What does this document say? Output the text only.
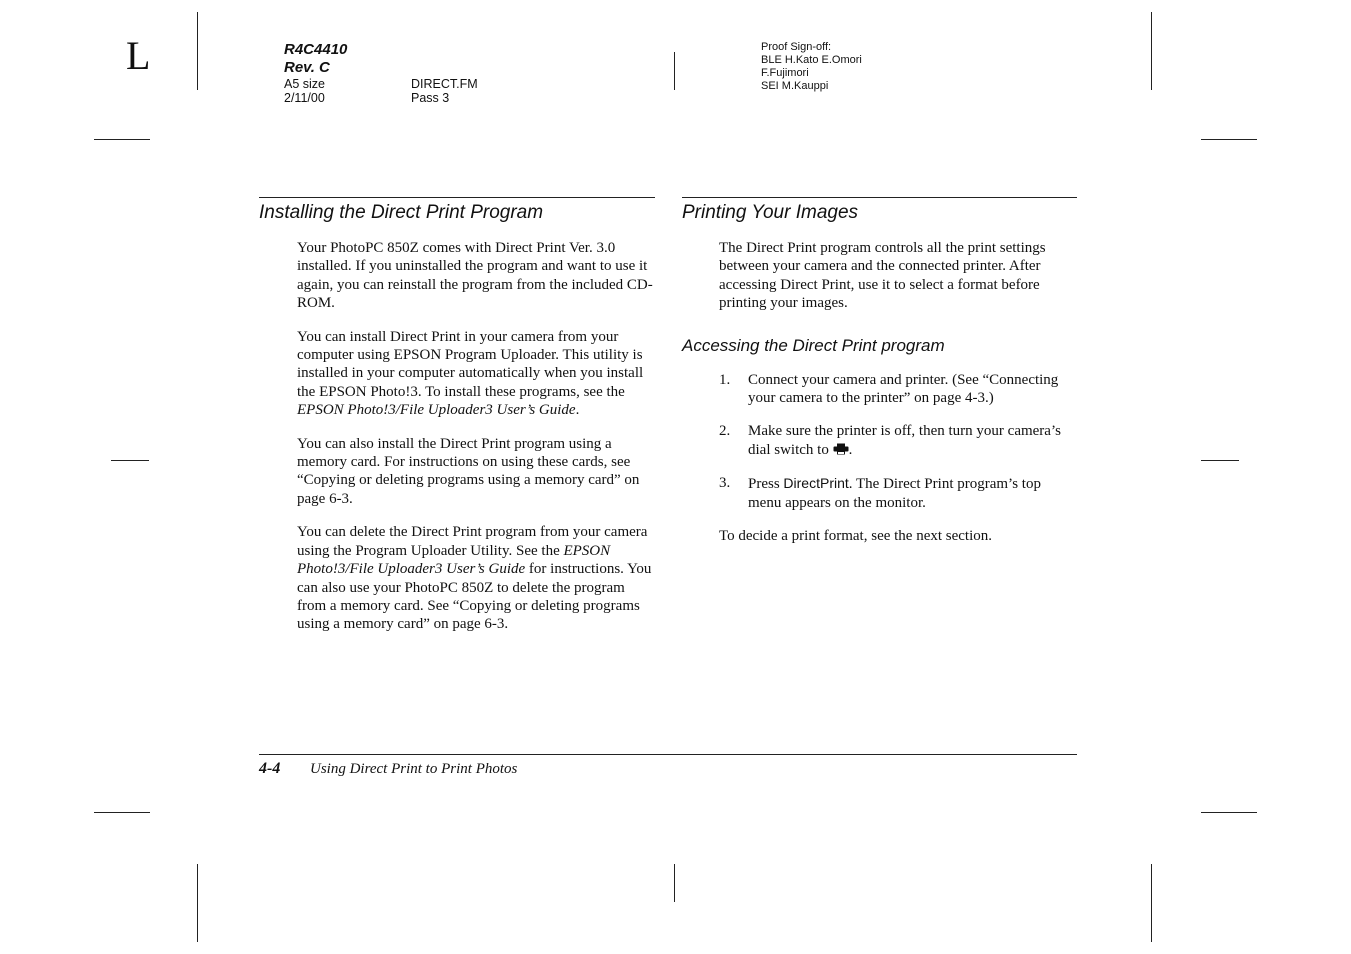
L	R4C4410
Rev. C
A5 size	DIRECT.FM
2/11/00	Pass 3
Proof Sign-off:
BLE H.Kato E.Omori
F.Fujimori
SEI M.Kauppi
Installing the Direct Print Program

Your PhotoPC 850Z comes with Direct Print Ver. 3.0 installed. If you uninstalled the program and want to use it again, you can reinstall the program from the included CD-ROM.

You can install Direct Print in your camera from your computer using EPSON Program Uploader. This utility is installed in your computer automatically when you install the EPSON Photo!3. To install these programs, see the EPSON Photo!3/File Uploader3 User’s Guide.

You can also install the Direct Print program using a memory card. For instructions on using these cards, see “Copying or deleting programs using a memory card” on page 6-3.

You can delete the Direct Print program from your camera using the Program Uploader Utility. See the EPSON Photo!3/File Uploader3 User’s Guide for instructions. You can also use your PhotoPC 850Z to delete the program from a memory card. See “Copying or deleting programs using a memory card” on page 6-3.

Printing Your Images

The Direct Print program controls all the print settings between your camera and the connected printer. After accessing Direct Print, use it to select a format before printing your images.

Accessing the Direct Print program
1.	Connect your camera and printer. (See “Connecting your camera to the printer” on page 4-3.)
2.	Make sure the printer is off, then turn your camera’s dial switch to .
3.	Press DirectPrint. The Direct Print program’s top menu appears on the monitor.

To decide a print format, see the next section.

4-4 Using Direct Print to Print Photos
